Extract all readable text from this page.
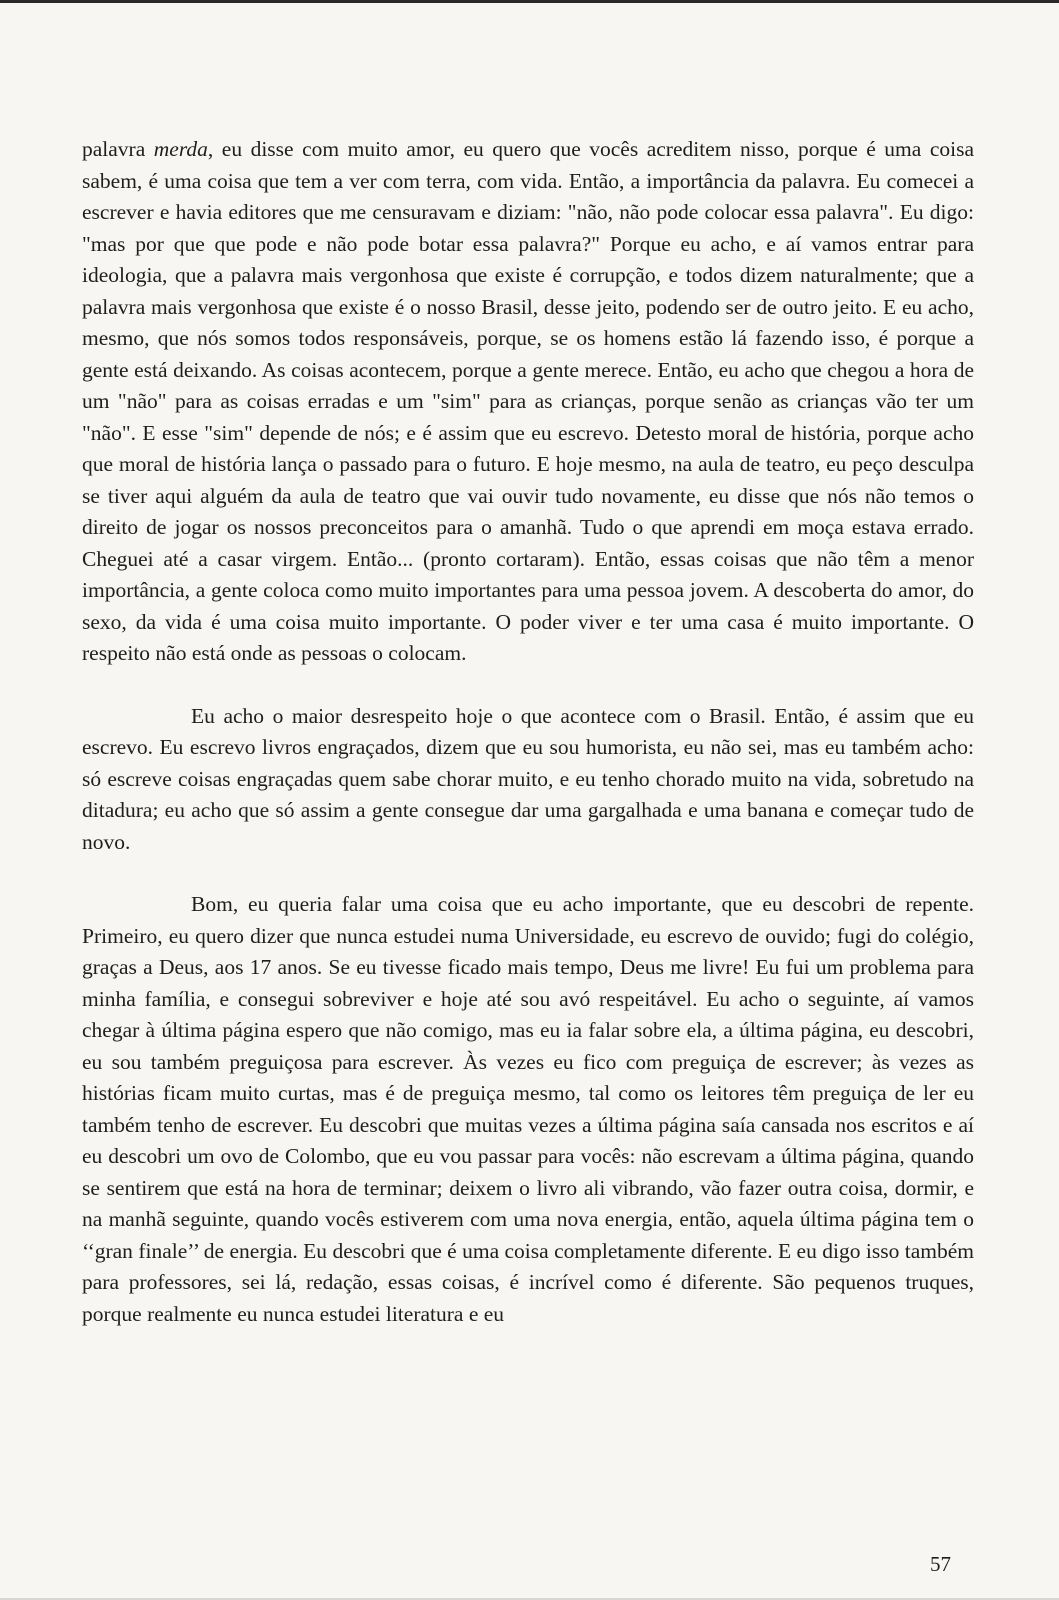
palavra merda, eu disse com muito amor, eu quero que vocês acreditem nisso, porque é uma coisa sabem, é uma coisa que tem a ver com terra, com vida. Então, a importância da palavra. Eu comecei a escrever e havia editores que me censuravam e diziam: "não, não pode colocar essa palavra". Eu digo: "mas por que que pode e não pode botar essa palavra?" Porque eu acho, e aí vamos entrar para ideologia, que a palavra mais vergonhosa que existe é corrupção, e todos dizem naturalmente; que a palavra mais vergonhosa que existe é o nosso Brasil, desse jeito, podendo ser de outro jeito. E eu acho, mesmo, que nós somos todos responsáveis, porque, se os homens estão lá fazendo isso, é porque a gente está deixando. As coisas acontecem, porque a gente merece. Então, eu acho que chegou a hora de um "não" para as coisas erradas e um "sim" para as crianças, porque senão as crianças vão ter um "não". E esse "sim" depende de nós; e é assim que eu escrevo. Detesto moral de história, porque acho que moral de história lança o passado para o futuro. E hoje mesmo, na aula de teatro, eu peço desculpa se tiver aqui alguém da aula de teatro que vai ouvir tudo novamente, eu disse que nós não temos o direito de jogar os nossos preconceitos para o amanhã. Tudo o que aprendi em moça estava errado. Cheguei até a casar virgem. Então... (pronto cortaram). Então, essas coisas que não têm a menor importância, a gente coloca como muito importantes para uma pessoa jovem. A descoberta do amor, do sexo, da vida é uma coisa muito importante. O poder viver e ter uma casa é muito importante. O respeito não está onde as pessoas o colocam.

Eu acho o maior desrespeito hoje o que acontece com o Brasil. Então, é assim que eu escrevo. Eu escrevo livros engraçados, dizem que eu sou humorista, eu não sei, mas eu também acho: só escreve coisas engraçadas quem sabe chorar muito, e eu tenho chorado muito na vida, sobretudo na ditadura; eu acho que só assim a gente consegue dar uma gargalhada e uma banana e começar tudo de novo.

Bom, eu queria falar uma coisa que eu acho importante, que eu descobri de repente. Primeiro, eu quero dizer que nunca estudei numa Universidade, eu escrevo de ouvido; fugi do colégio, graças a Deus, aos 17 anos. Se eu tivesse ficado mais tempo, Deus me livre! Eu fui um problema para minha família, e consegui sobreviver e hoje até sou avó respeitável. Eu acho o seguinte, aí vamos chegar à última página espero que não comigo, mas eu ia falar sobre ela, a última página, eu descobri, eu sou também preguiçosa para escrever. Às vezes eu fico com preguiça de escrever; às vezes as histórias ficam muito curtas, mas é de preguiça mesmo, tal como os leitores têm preguiça de ler eu também tenho de escrever. Eu descobri que muitas vezes a última página saía cansada nos escritos e aí eu descobri um ovo de Colombo, que eu vou passar para vocês: não escrevam a última página, quando se sentirem que está na hora de terminar; deixem o livro ali vibrando, vão fazer outra coisa, dormir, e na manhã seguinte, quando vocês estiverem com uma nova energia, então, aquela última página tem o ‘‘gran finale’’ de energia. Eu descobri que é uma coisa completamente diferente. E eu digo isso também para professores, sei lá, redação, essas coisas, é incrível como é diferente. São pequenos truques, porque realmente eu nunca estudei literatura e eu

57
